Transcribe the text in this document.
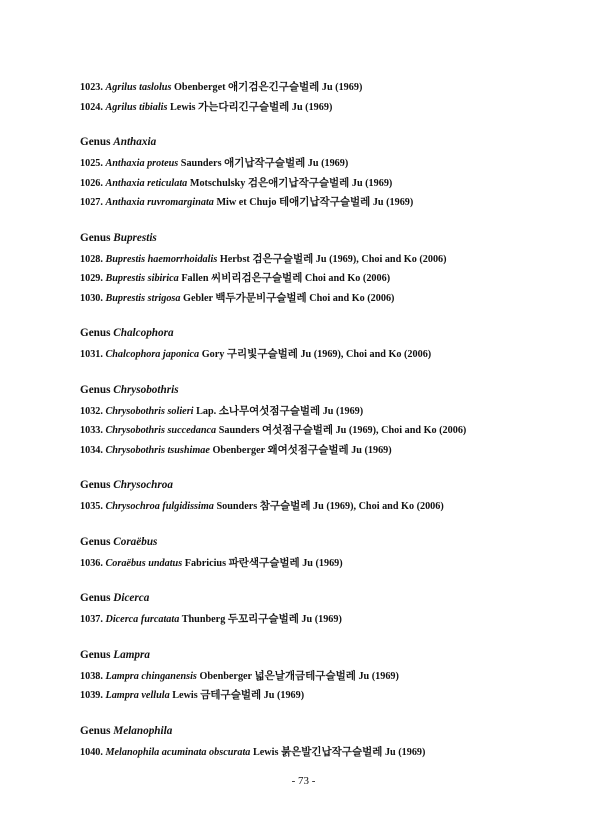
1023. Agrilus taslolus Obenberget 애기검은긴구슬벌레 Ju (1969)
1024. Agrilus tibialis Lewis 가는다리긴구슬벌레 Ju (1969)
Genus Anthaxia
1025. Anthaxia proteus Saunders 애기납작구슬벌레 Ju (1969)
1026. Anthaxia reticulata Motschulsky 검은애기납작구슬벌레 Ju (1969)
1027. Anthaxia ruvromarginata Miw et Chujo 테애기납작구슬벌레 Ju (1969)
Genus Buprestis
1028. Buprestis haemorrhoidalis Herbst 검은구슬벌레 Ju (1969), Choi and Ko (2006)
1029. Buprestis sibirica Fallen 씨비리검은구슬벌레 Choi and Ko (2006)
1030. Buprestis strigosa Gebler 백두가문비구슬벌레 Choi and Ko (2006)
Genus Chalcophora
1031. Chalcophora japonica Gory 구리빛구슬벌레 Ju (1969), Choi and Ko (2006)
Genus Chrysobothris
1032. Chrysobothris solieri Lap. 소나무여섯점구슬벌레 Ju (1969)
1033. Chrysobothris succedanca Saunders 여섯점구슬벌레 Ju (1969), Choi and Ko (2006)
1034. Chrysobothris tsushimae Obenberger 왜여섯점구슬벌레 Ju (1969)
Genus Chrysochroa
1035. Chrysochroa fulgidissima Sounders 참구슬벌레 Ju (1969), Choi and Ko (2006)
Genus Coraëbus
1036. Coraëbus undatus Fabricius 파란색구슬벌레 Ju (1969)
Genus Dicerca
1037. Dicerca furcatata Thunberg 두꼬리구슬벌레 Ju (1969)
Genus Lampra
1038. Lampra chinganensis Obenberger 넓은날개금테구슬벌레 Ju (1969)
1039. Lampra vellula Lewis 금테구슬벌레 Ju (1969)
Genus Melanophila
1040. Melanophila acuminata obscurata Lewis 붉은발긴납작구슬벌레 Ju (1969)
- 73 -
